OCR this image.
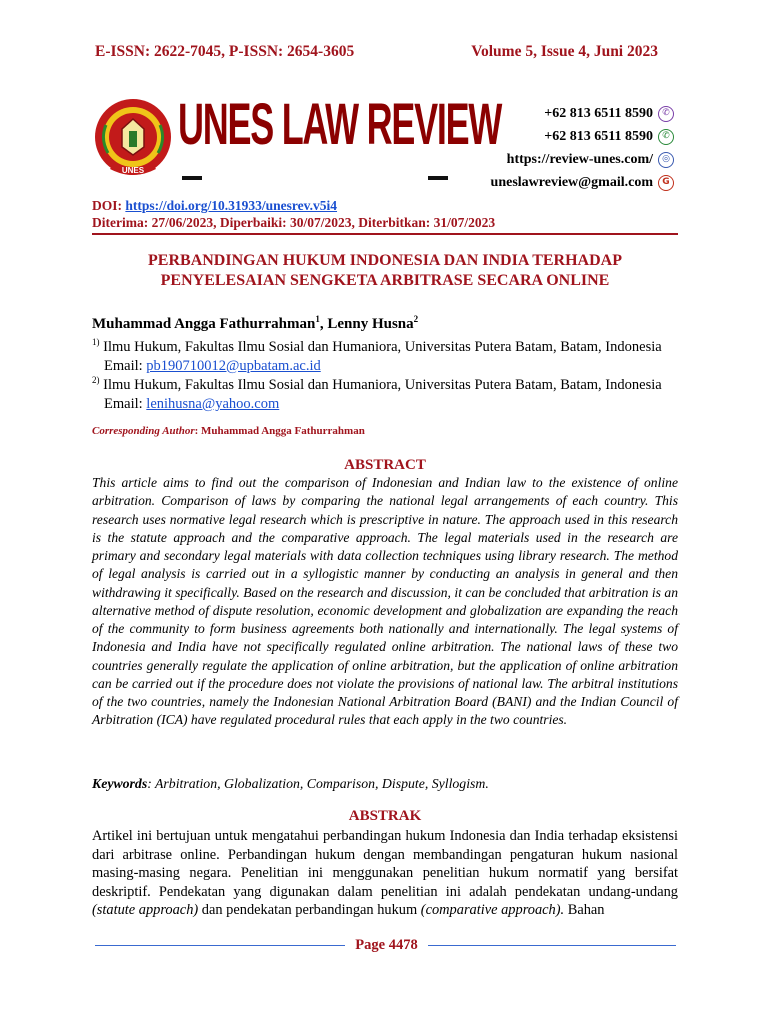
E-ISSN: 2622-7045, P-ISSN: 2654-3605	Volume 5, Issue 4, Juni 2023
UNES
UNES LAW REVIEW	+62 813 6511 8590	✆
+62 813 6511 8590	✆
https://review-unes.com/	◎
uneslawreview@gmail.com	G
DOI: https://doi.org/10.31933/unesrev.v5i4
Diterima: 27/06/2023, Diperbaiki: 30/07/2023, Diterbitkan: 31/07/2023
PERBANDINGAN HUKUM INDONESIA DAN INDIA TERHADAP
PENYELESAIAN SENGKETA ARBITRASE SECARA ONLINE
Muhammad Angga Fathurrahman$^1$, Lenny Husna$^2$
$^{1)}$ Ilmu Hukum, Fakultas Ilmu Sosial dan Humaniora, Universitas Putera Batam, Batam, Indonesia
Email: pb190710012@upbatam.ac.id
$^{2)}$ Ilmu Hukum, Fakultas Ilmu Sosial dan Humaniora, Universitas Putera Batam, Batam, Indonesia
Email: lenihusna@yahoo.com
Corresponding Author: Muhammad Angga Fathurrahman
ABSTRACT
This article aims to find out the comparison of Indonesian and Indian law to the existence of online arbitration. Comparison of laws by comparing the national legal arrangements of each country. This research uses normative legal research which is prescriptive in nature. The approach used in this research is the statute approach and the comparative approach. The legal materials used in the research are primary and secondary legal materials with data collection techniques using library research. The method of legal analysis is carried out in a syllogistic manner by conducting an analysis in general and then withdrawing it specifically. Based on the research and discussion, it can be concluded that arbitration is an alternative method of dispute resolution, economic development and globalization are expanding the reach of the community to form business agreements both nationally and internationally. The legal systems of Indonesia and India have not specifically regulated online arbitration. The national laws of these two countries generally regulate the application of online arbitration, but the application of online arbitration can be carried out if the procedure does not violate the provisions of national law. The arbitral institutions of the two countries, namely the Indonesian National Arbitration Board (BANI) and the Indian Council of Arbitration (ICA) have regulated procedural rules that each apply in the two countries.
Keywords: Arbitration, Globalization, Comparison, Dispute, Syllogism.
ABSTRAK
Artikel ini bertujuan untuk mengatahui perbandingan hukum Indonesia dan India terhadap eksistensi dari arbitrase online. Perbandingan hukum dengan membandingan pengaturan hukum nasional masing-masing negara. Penelitian ini menggunakan penelitian hukum normatif yang bersifat deskriptif. Pendekatan yang digunakan dalam penelitian ini adalah pendekatan undang-undang (statute approach) dan pendekatan perbandingan hukum (comparative approach). Bahan
Page 4478
